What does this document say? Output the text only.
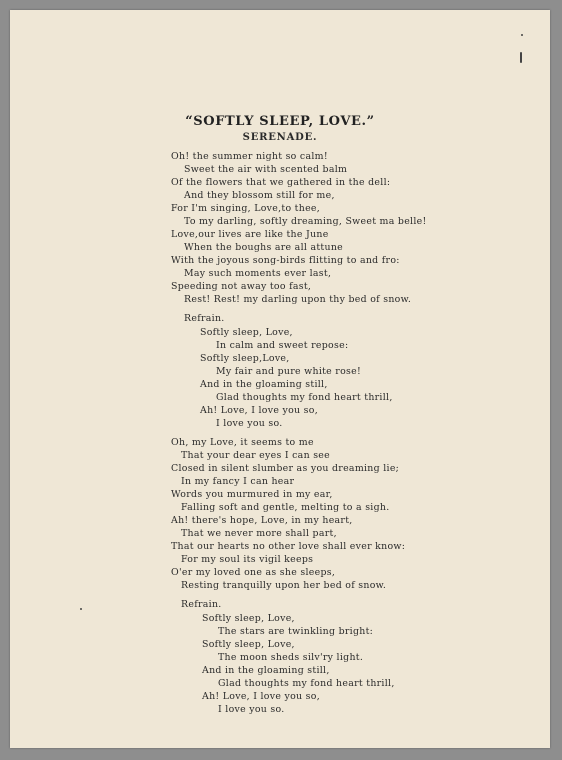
“SOFTLY SLEEP, LOVE.”
SERENADE.
Oh! the summer night so calm!
Sweet the air with scented balm
Of the flowers that we gathered in the dell:
And they blossom still for me,
For I'm singing, Love,to thee,
To my darling, softly dreaming, Sweet ma belle!
Love,our lives are like the June
When the boughs are all attune
With the joyous song-birds flitting to and fro:
May such moments ever last,
Speeding not away too fast,
Rest! Rest! my darling upon thy bed of snow.
Refrain.
Softly sleep, Love,
In calm and sweet repose:
Softly sleep,Love,
My fair and pure white rose!
And in the gloaming still,
Glad thoughts my fond heart thrill,
Ah! Love, I love you so,
I love you so.
Oh, my Love, it seems to me
That your dear eyes I can see
Closed in silent slumber as you dreaming lie;
In my fancy I can hear
Words you murmured in my ear,
Falling soft and gentle, melting to a sigh.
Ah! there's hope, Love, in my heart,
That we never more shall part,
That our hearts no other love shall ever know:
For my soul its vigil keeps
O'er my loved one as she sleeps,
Resting tranquilly upon her bed of snow.
Refrain.
Softly sleep, Love,
The stars are twinkling bright:
Softly sleep, Love,
The moon sheds silv'ry light.
And in the gloaming still,
Glad thoughts my fond heart thrill,
Ah! Love, I love you so,
I love you so.
